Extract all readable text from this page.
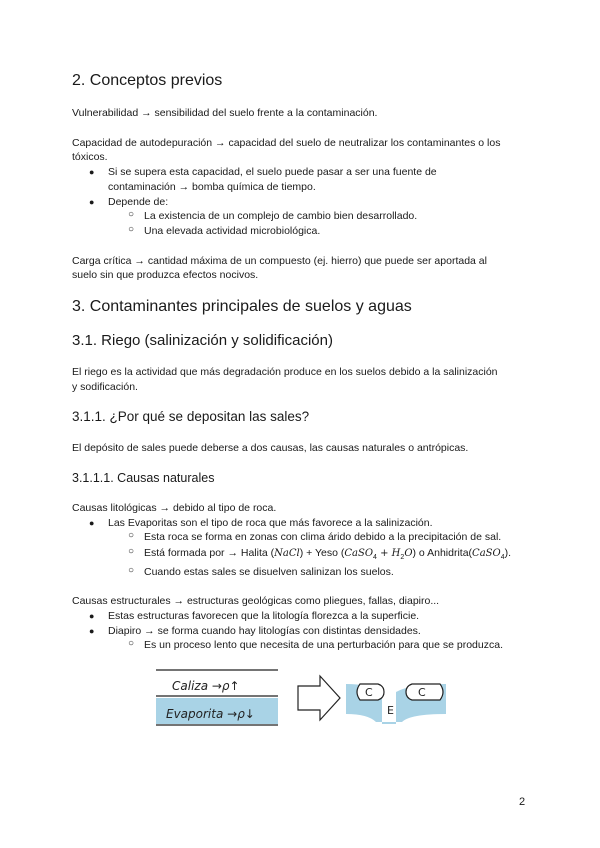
2. Conceptos previos
Vulnerabilidad → sensibilidad del suelo frente a la contaminación.
Capacidad de autodepuración → capacidad del suelo de neutralizar los contaminantes o los
tóxicos.
● Si se supera esta capacidad, el suelo puede pasar a ser una fuente de
contaminación → bomba química de tiempo.
● Depende de:
○ La existencia de un complejo de cambio bien desarrollado.
○ Una elevada actividad microbiológica.
Carga crítica → cantidad máxima de un compuesto (ej. hierro) que puede ser aportada al
suelo sin que produzca efectos nocivos.
3. Contaminantes principales de suelos y aguas
3.1. Riego (salinización y solidificación)
El riego es la actividad que más degradación produce en los suelos debido a la salinización
y sodificación.
3.1.1. ¿Por qué se depositan las sales?
El depósito de sales puede deberse a dos causas, las causas naturales o antrópicas.
3.1.1.1. Causas naturales
Causas litológicas → debido al tipo de roca.
● Las Evaporitas son el tipo de roca que más favorece a la salinización.
○ Esta roca se forma en zonas con clima árido debido a la precipitación de sal.
○ Está formada por → Halita (NaCl) + Yeso (CaSO$_4$ + $H_2O$) o Anhidrita(CaSO$_4$).
○ Cuando estas sales se disuelven salinizan los suelos.
Causas estructurales → estructuras geológicas como pliegues, fallas, diapiro...
● Estas estructuras favorecen que la litología florezca a la superficie.
● Diapiro → se forma cuando hay litologías con distintas densidades.
○ Es un proceso lento que necesita de una perturbación para que se produzca.
Caliza →ρ↑
Evaporita →ρ↓
C	C
E
2
